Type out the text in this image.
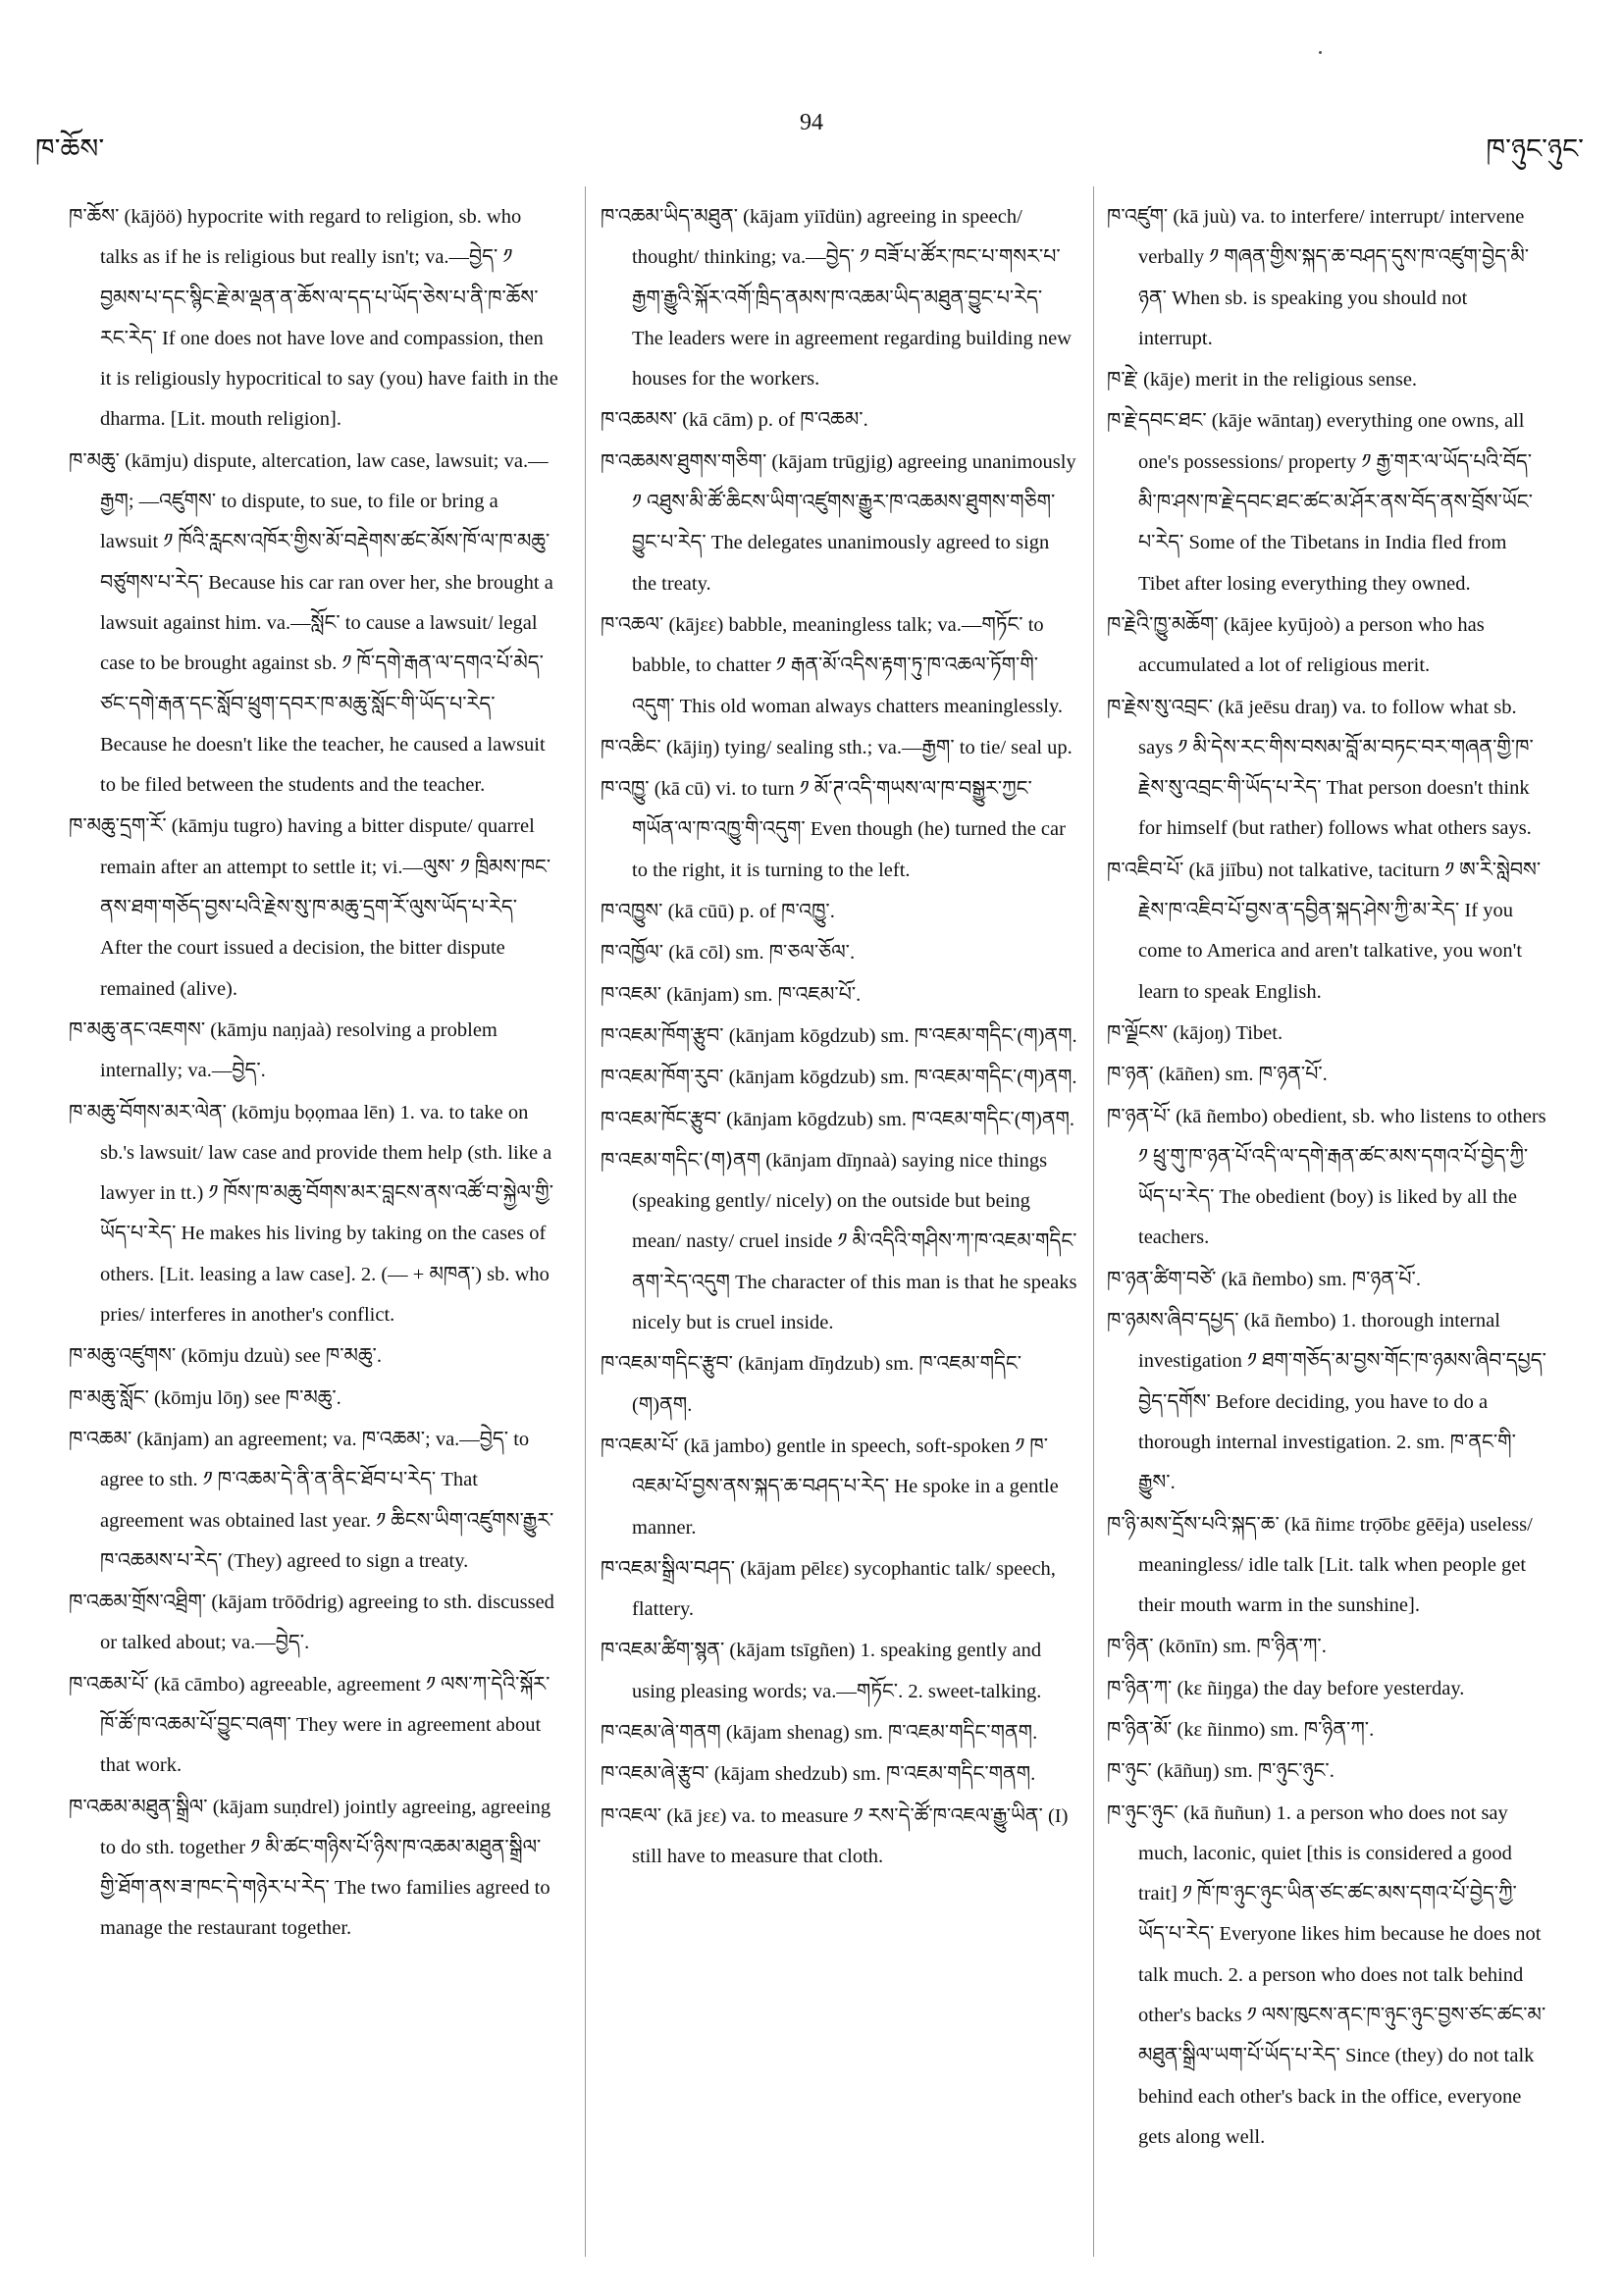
ཁ་ཆོས་
94
ཁ་ཉུང་ཉུང་

ཁ་ཆོས་ (kājöö) hypocrite with regard to religion, sb. who talks as if he is religious but really isn't; va.—བྱེད་ ༡ བྱམས་པ་དང་སྙིང་རྗེ་མ་ལྡན་ན་ཆོས་ལ་དད་པ་ཡོད་ཅེས་པ་ནི་ཁ་ཆོས་རང་རེད་ If one does not have love and compassion, then it is religiously hypocritical to say (you) have faith in the dharma. [Lit. mouth religion].

ཁ་མཆུ་ (kāmju) dispute, altercation, law case, lawsuit; va.—རྒྱག; —འཛུགས་ to dispute, to sue, to file or bring a lawsuit ༡ ཁོའི་རླངས་འཁོར་གྱིས་མོ་བརྡེགས་ཚང་མོས་ཁོ་ལ་ཁ་མཆུ་བཙུགས་པ་རེད་ Because his car ran over her, she brought a lawsuit against him. va.—སློང་ to cause a lawsuit/ legal case to be brought against sb. ༡ ཁོ་དགེ་རྒན་ལ་དགའ་པོ་མེད་ཙང་དགེ་རྒན་དང་སློབ་ཕྲུག་དབར་ཁ་མཆུ་སློང་གི་ཡོད་པ་རེད་ Because he doesn't like the teacher, he caused a lawsuit to be filed between the students and the teacher.

ཁ་མཆུ་དྲག་རོ་ (kāmju tugro) having a bitter dispute/ quarrel remain after an attempt to settle it; vi.—ལུས་ ༡ ཁྲིམས་ཁང་ནས་ཐག་གཅོད་བྱས་པའི་རྗེས་སུ་ཁ་མཆུ་དྲག་རོ་ལུས་ཡོད་པ་རེད་ After the court issued a decision, the bitter dispute remained (alive).

ཁ་མཆུ་ནང་འཇགས་ (kāmju naṇjaà) resolving a problem internally; va.—བྱེད་.

ཁ་མཆུ་བོགས་མར་ལེན་ (kōmju bọọmaa lēn) 1. va. to take on sb.'s lawsuit/ law case and provide them help (sth. like a lawyer in tt.) ༡ ཁོས་ཁ་མཆུ་བོགས་མར་བླངས་ནས་འཚོ་བ་སྐྱེལ་གྱི་ཡོད་པ་རེད་ He makes his living by taking on the cases of others. [Lit. leasing a law case]. 2. (— + མཁན་) sb. who pries/ interferes in another's conflict.

ཁ་མཆུ་འཛུགས་ (kōmju dzuù) see ཁ་མཆུ་.

ཁ་མཆུ་སློང་ (kōmju lōŋ) see ཁ་མཆུ་.

ཁ་འཆམ་ (kānjam) an agreement; va. ཁ་འཆམ་; va.—བྱེད་ to agree to sth. ༡ ཁ་འཆམ་དེ་ནི་ན་ནིང་ཐོབ་པ་རེད་ That agreement was obtained last year. ༡ ཆིངས་ཡིག་འཛུགས་རྒྱུར་ཁ་འཆམས་པ་རེད་ (They) agreed to sign a treaty.

ཁ་འཆམ་གྲོས་འཐྲིག་ (kājam trōōdrig) agreeing to sth. discussed or talked about; va.—བྱེད་.

ཁ་འཆམ་པོ་ (kā cāmbo) agreeable, agreement ༡ ལས་ཀ་དེའི་སྐོར་ཁོ་ཚོ་ཁ་འཆམ་པོ་བྱུང་བཞག་ They were in agreement about that work.

ཁ་འཆམ་མཐུན་སྒྲིལ་ (kājam suṇdrel) jointly agreeing, agreeing to do sth. together ༡ མི་ཚང་གཉིས་པོ་ཉིས་ཁ་འཆམ་མཐུན་སྒྲིལ་གྱི་ཐོག་ནས་ཟ་ཁང་དེ་གཉེར་པ་རེད་ The two families agreed to manage the restaurant together.

ཁ་འཆམ་ཡིད་མཐུན་ (kājam yiīdün) agreeing in speech/ thought/ thinking; va.—བྱེད་ ༡ བཟོ་པ་ཚོར་ཁང་པ་གསར་པ་རྒྱག་རྒྱུའི་སྐོར་འགོ་ཁྲིད་ནམས་ཁ་འཆམ་ཡིད་མཐུན་བྱུང་པ་རེད་ The leaders were in agreement regarding building new houses for the workers.

ཁ་འཆམས་ (kā cām) p. of ཁ་འཆམ་.

ཁ་འཆམས་ཐུགས་གཅིག་ (kājam trūgjig) agreeing unanimously ༡ འཐུས་མི་ཚོ་ཆིངས་ཡིག་འཛུགས་རྒྱུར་ཁ་འཆམས་ཐུགས་གཅིག་བྱུང་པ་རེད་ The delegates unanimously agreed to sign the treaty.

ཁ་འཆལ་ (kājεε) babble, meaningless talk; va.—གཏོང་ to babble, to chatter ༡ རྒན་མོ་འདིས་རྟག་ཏུ་ཁ་འཆལ་ཏོག་གི་འདུག་ This old woman always chatters meaninglessly.

ཁ་འཆིང་ (kājiŋ) tying/ sealing sth.; va.—རྒྱག་ to tie/ seal up.

ཁ་འཁྱུ་ (kā cū) vi. to turn ༡ མོ་ཊ་འདི་གཡས་ལ་ཁ་བསྒྱུར་ཀྱང་གཡོན་ལ་ཁ་འཁྱུ་གི་འདུག་ Even though (he) turned the car to the right, it is turning to the left.

ཁ་འཁྱུས་ (kā cūū) p. of ཁ་འཁྱུ་.

ཁ་འཁྱོལ་ (kā cōl) sm. ཁ་ཅལ་ཅོལ་.

ཁ་འཇམ་ (kānjam) sm. ཁ་འཇམ་པོ་.

ཁ་འཇམ་ཁོག་རྩུབ་ (kānjam kōgdzub) sm. ཁ་འཇམ་གདིང་(ག)ནག.

ཁ་འཇམ་ཁོག་རུབ་ (kānjam kōgdzub) sm. ཁ་འཇམ་གདིང་(ག)ནག.

ཁ་འཇམ་ཁོང་རྩུབ་ (kānjam kōgdzub) sm. ཁ་འཇམ་གདིང་(ག)ནག.

ཁ་འཇམ་གདིང་(ག)ནག (kānjam dīŋnaà) saying nice things (speaking gently/ nicely) on the outside but being mean/ nasty/ cruel inside ༡ མི་འདིའི་གཤིས་ཀ་ཁ་འཇམ་གདིང་ནག་རེད་འདུག The character of this man is that he speaks nicely but is cruel inside.

ཁ་འཇམ་གདིང་རྩུབ་ (kānjam dīŋdzub) sm. ཁ་འཇམ་གདིང་(ག)ནག.

ཁ་འཇམ་པོ་ (kā jambo) gentle in speech, soft-spoken ༡ ཁ་འཇམ་པོ་བྱས་ནས་སྐད་ཆ་བཤད་པ་རེད་ He spoke in a gentle manner.

ཁ་འཇམ་སྒྲིལ་བཤད་ (kājam pēlεε) sycophantic talk/ speech, flattery.

ཁ་འཇམ་ཚིག་སྙན་ (kājam tsīgñen) 1. speaking gently and using pleasing words; va.—གཏོང་. 2. sweet-talking.

ཁ་འཇམ་ཞེ་གནག (kājam shenag) sm. ཁ་འཇམ་གདིང་གནག.

ཁ་འཇམ་ཞེ་རྩུབ་ (kājam shedzub) sm. ཁ་འཇམ་གདིང་གནག.

ཁ་འཇལ་ (kā jεε) va. to measure ༡ རས་དེ་ཚོ་ཁ་འཇལ་རྒྱུ་ཡིན་ (I) still have to measure that cloth.

ཁ་འཛུག་ (kā juù) va. to interfere/ interrupt/ intervene verbally ༡ གཞན་གྱིས་སྐད་ཆ་བཤད་དུས་ཁ་འཛུག་བྱེད་མི་ཉན་ When sb. is speaking you should not interrupt.

ཁ་རྗེ་ (kāje) merit in the religious sense.

ཁ་རྗེ་དབང་ཐང་ (kāje wāntaŋ) everything one owns, all one's possessions/ property ༡ རྒྱ་གར་ལ་ཡོད་པའི་བོད་མི་ཁ་ཤས་ཁ་རྗེ་དབང་ཐང་ཚང་མ་ཤོར་ནས་བོད་ནས་བྲོས་ཡོང་པ་རེད་ Some of the Tibetans in India fled from Tibet after losing everything they owned.

ཁ་རྗེའི་ཁྱུ་མཆོག་ (kājee kyūjoò) a person who has accumulated a lot of religious merit.

ཁ་རྗེས་སུ་འབྲང་ (kā jeēsu draŋ) va. to follow what sb. says ༡ མི་དེས་རང་གིས་བསམ་བློ་མ་བཏང་བར་གཞན་གྱི་ཁ་རྗེས་སུ་འབྲང་གི་ཡོད་པ་རེད་ That person doesn't think for himself (but rather) follows what others says.

ཁ་འཇིབ་པོ་ (kā jiību) not talkative, taciturn ༡ ཨ་རི་སླེབས་རྗེས་ཁ་འཇིབ་པོ་བྱས་ན་དབྱིན་སྐད་ཤེས་ཀྱི་མ་རེད་ If you come to America and aren't talkative, you won't learn to speak English.

ཁ་ལྗོངས་ (kājoŋ) Tibet.

ཁ་ཉན་ (kāñen) sm. ཁ་ཉན་པོ་.

ཁ་ཉན་པོ་ (kā ñembo) obedient, sb. who listens to others ༡ ཕྲུ་གུ་ཁ་ཉན་པོ་འདི་ལ་དགེ་རྒན་ཚང་མས་དགའ་པོ་བྱེད་ཀྱི་ཡོད་པ་རེད་ The obedient (boy) is liked by all the teachers.

ཁ་ཉན་ཚིག་བཙེ་ (kā ñembo) sm. ཁ་ཉན་པོ་.

ཁ་ཉམས་ཞིབ་དཔྱད་ (kā ñembo) 1. thorough internal investigation ༡ ཐག་གཅོད་མ་བྱས་གོང་ཁ་ཉམས་ཞིབ་དཔྱད་བྱེད་དགོས་ Before deciding, you have to do a thorough internal investigation. 2. sm. ཁ་ནང་གི་རྒྱུས་.

ཁ་ཉི་མས་དྲོས་པའི་སྐད་ཆ་ (kā ñimε trọ̄ōbε gēēja) useless/ meaningless/ idle talk [Lit. talk when people get their mouth warm in the sunshine].

ཁ་ཉིན་ (kōnīn) sm. ཁ་ཉིན་ཀ་.

ཁ་ཉིན་ཀ་ (kε ñiŋga) the day before yesterday.

ཁ་ཉིན་མོ་ (kε ñinmo) sm. ཁ་ཉིན་ཀ་.

ཁ་ཉུང་ (kāñuŋ) sm. ཁ་ཉུང་ཉུང་.

ཁ་ཉུང་ཉུང་ (kā ñuñun) 1. a person who does not say much, laconic, quiet [this is considered a good trait] ༡ ཁོ་ཁ་ཉུང་ཉུང་ཡིན་ཙང་ཚང་མས་དགའ་པོ་བྱེད་ཀྱི་ཡོད་པ་རེད་ Everyone likes him because he does not talk much. 2. a person who does not talk behind other's backs ༡ ལས་ཁུངས་ནང་ཁ་ཉུང་ཉུང་བྱས་ཙང་ཚང་མ་མཐུན་སྒྲིལ་ཡག་པོ་ཡོད་པ་རེད་ Since (they) do not talk behind each other's back in the office, everyone gets along well.
